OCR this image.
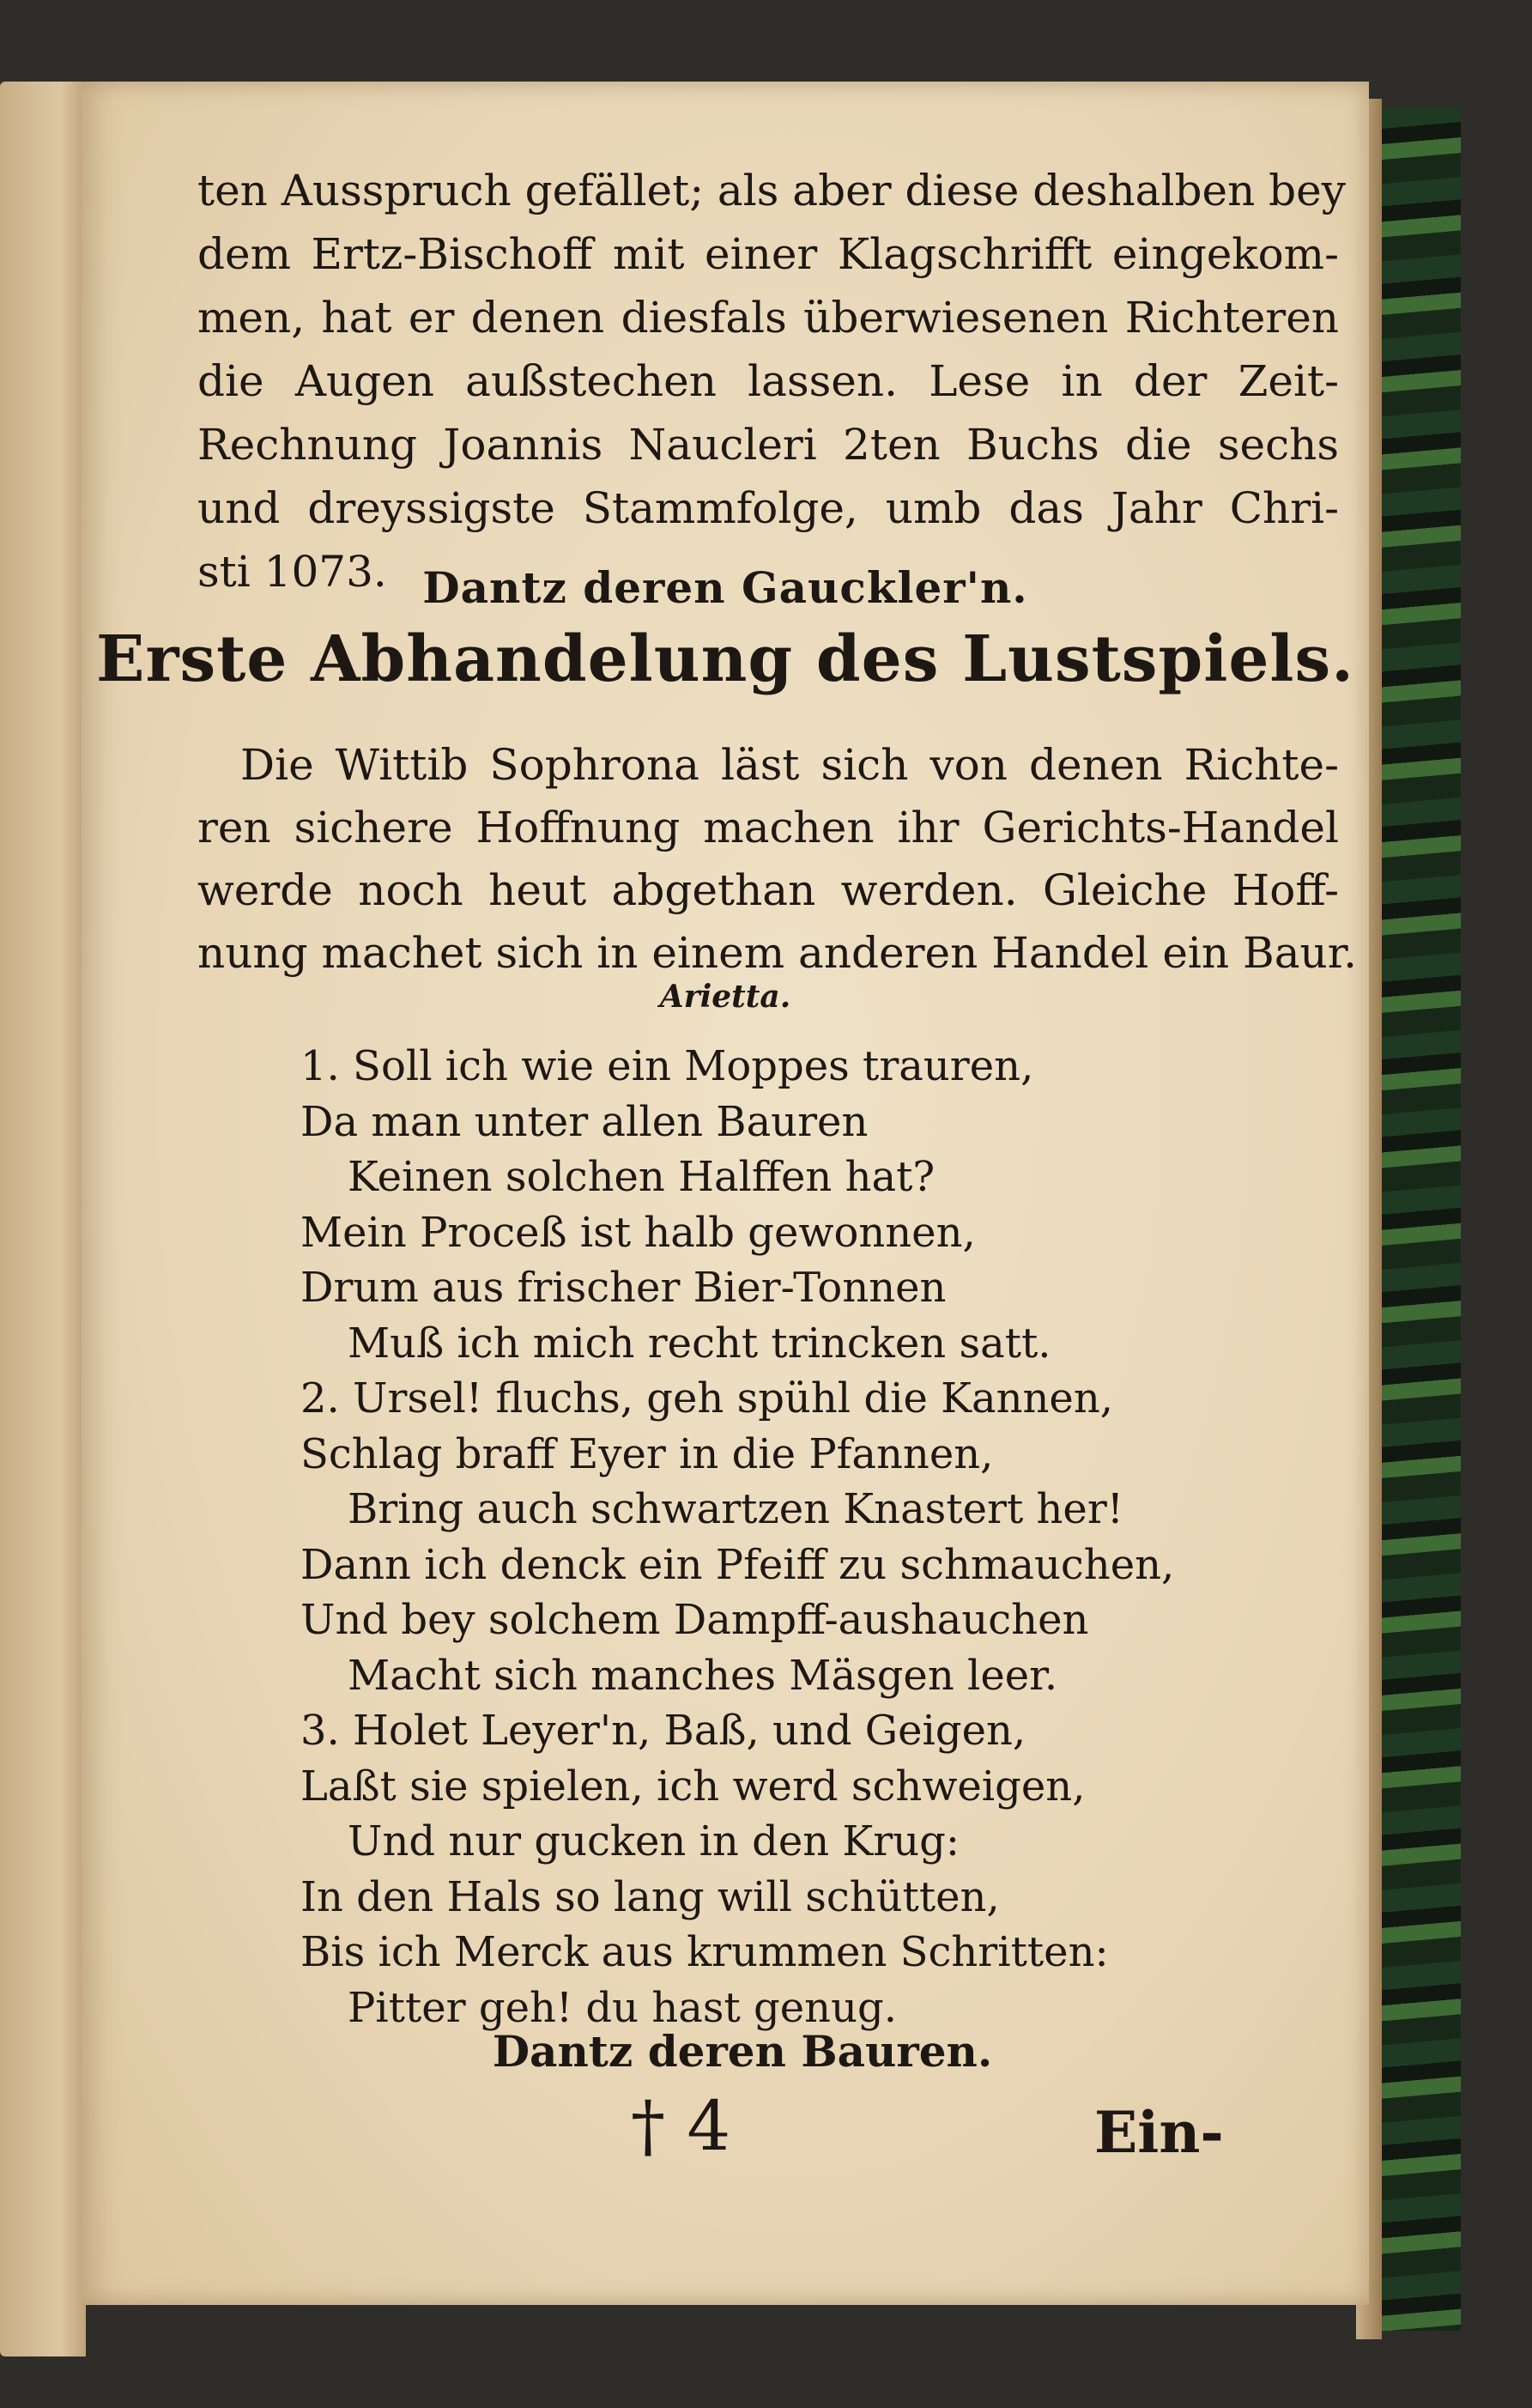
ten Ausspruch gefället; als aber diese deshalben bey
dem Ertz-Bischoff mit einer Klagschrifft eingekom-
men, hat er denen diesfals überwiesenen Richteren
die Augen außstechen lassen. Lese in der Zeit-
Rechnung Joannis Naucleri 2ten Buchs die sechs
und dreyssigste Stammfolge, umb das Jahr Chri-
sti 1073. Dantz deren Gauckler'n.
Erste Abhandelung des Lustspiels.
Die Wittib Sophrona läst sich von denen Richte-
ren sichere Hoffnung machen ihr Gerichts-Handel
werde noch heut abgethan werden. Gleiche Hoff-
nung machet sich in einem anderen Handel ein Baur.
Arietta.
1. Soll ich wie ein Moppes trauren,
Da man unter allen Bauren
Keinen solchen Halffen hat?
Mein Proceß ist halb gewonnen,
Drum aus frischer Bier-Tonnen
Muß ich mich recht trincken satt.
2. Ursel! fluchs, geh spühl die Kannen,
Schlag braff Eyer in die Pfannen,
Bring auch schwartzen Knastert her!
Dann ich denck ein Pfeiff zu schmauchen,
Und bey solchem Dampff-aushauchen
Macht sich manches Mäsgen leer.
3. Holet Leyer'n, Baß, und Geigen,
Laßt sie spielen, ich werd schweigen,
Und nur gucken in den Krug:
In den Hals so lang will schütten,
Bis ich Merck aus krummen Schritten:
Pitter geh! du hast genug.
Dantz deren Bauren.
† 4	Ein-
